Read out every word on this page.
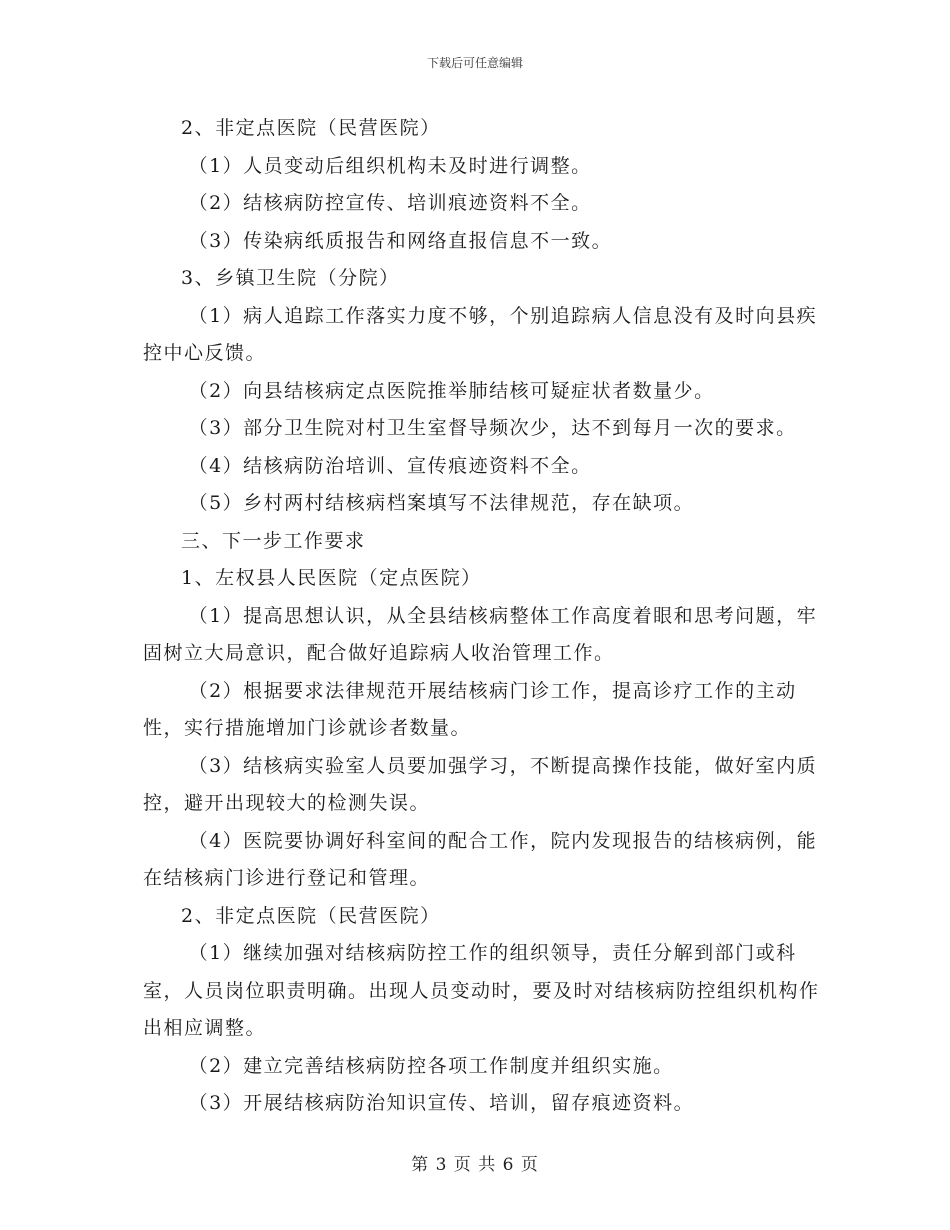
下载后可任意编辑

2、非定点医院（民营医院）

（1）人员变动后组织机构未及时进行调整。

（2）结核病防控宣传、培训痕迹资料不全。

（3）传染病纸质报告和网络直报信息不一致。

3、乡镇卫生院（分院）

（1）病人追踪工作落实力度不够，个别追踪病人信息没有及时向县疾控中心反馈。

（2）向县结核病定点医院推举肺结核可疑症状者数量少。

（3）部分卫生院对村卫生室督导频次少，达不到每月一次的要求。

（4）结核病防治培训、宣传痕迹资料不全。

（5）乡村两村结核病档案填写不法律规范，存在缺项。

三、下一步工作要求

1、左权县人民医院（定点医院）

（1）提高思想认识，从全县结核病整体工作高度着眼和思考问题，牢固树立大局意识，配合做好追踪病人收治管理工作。

（2）根据要求法律规范开展结核病门诊工作，提高诊疗工作的主动性，实行措施增加门诊就诊者数量。

（3）结核病实验室人员要加强学习，不断提高操作技能，做好室内质控，避开出现较大的检测失误。

（4）医院要协调好科室间的配合工作，院内发现报告的结核病例，能在结核病门诊进行登记和管理。

2、非定点医院（民营医院）

（1）继续加强对结核病防控工作的组织领导，责任分解到部门或科室，人员岗位职责明确。出现人员变动时，要及时对结核病防控组织机构作出相应调整。

（2）建立完善结核病防控各项工作制度并组织实施。

（3）开展结核病防治知识宣传、培训，留存痕迹资料。

第 3 页 共 6 页
